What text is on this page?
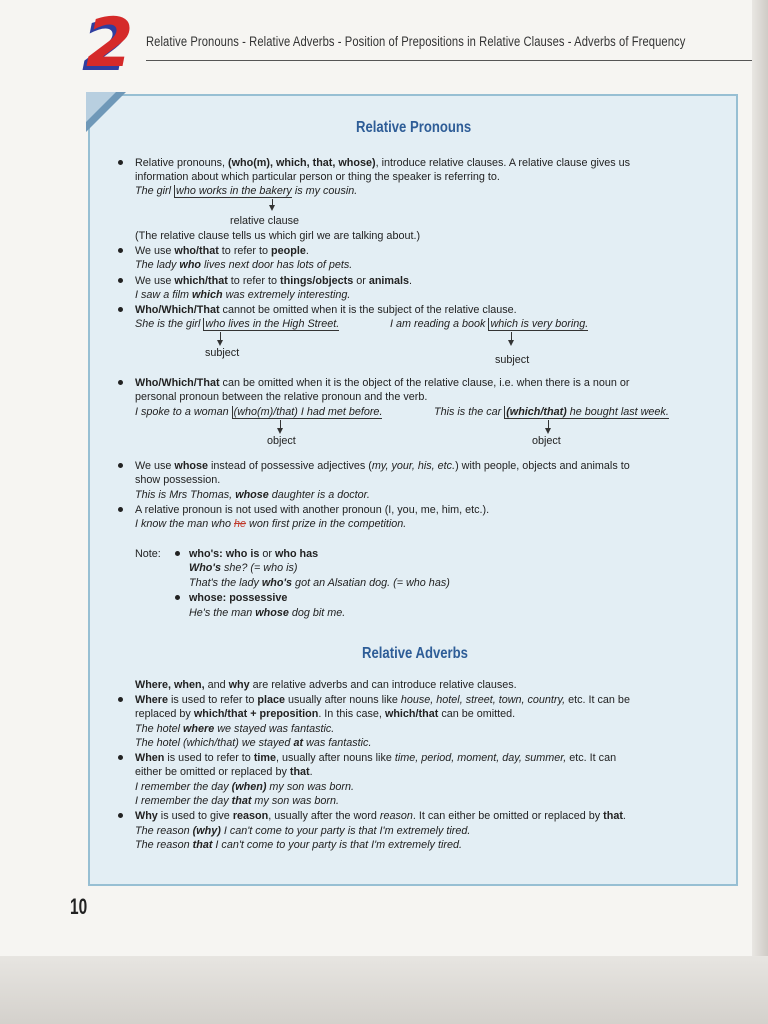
2 Relative Pronouns - Relative Adverbs - Position of Prepositions in Relative Clauses - Adverbs of Frequency
Relative Pronouns
Relative pronouns, (who(m), which, that, whose), introduce relative clauses. A relative clause gives us
information about which particular person or thing the speaker is referring to.
The girl who works in the bakery is my cousin.
relative clause
(The relative clause tells us which girl we are talking about.)
We use who/that to refer to people.
The lady who lives next door has lots of pets.
We use which/that to refer to things/objects or animals.
I saw a film which was extremely interesting.
Who/Which/That cannot be omitted when it is the subject of the relative clause.
She is the girl who lives in the High Street.	I am reading a book which is very boring.
subject
subject
Who/Which/That can be omitted when it is the object of the relative clause, i.e. when there is a noun or
personal pronoun between the relative pronoun and the verb.
I spoke to a woman (who(m)/that) I had met before.	This is the car (which/that) he bought last week.
object	object
We use whose instead of possessive adjectives (my, your, his, etc.) with people, objects and animals to
show possession.
This is Mrs Thomas, whose daughter is a doctor.
A relative pronoun is not used with another pronoun (I, you, me, him, etc.).
I know the man who he won first prize in the competition.
Note:	who's: who is or who has
Who's she? (= who is)
That's the lady who's got an Alsatian dog. (= who has)
whose: possessive
He's the man whose dog bit me.
Relative Adverbs
Where, when, and why are relative adverbs and can introduce relative clauses.
Where is used to refer to place usually after nouns like house, hotel, street, town, country, etc. It can be
replaced by which/that + preposition. In this case, which/that can be omitted.
The hotel where we stayed was fantastic.
The hotel (which/that) we stayed at was fantastic.
When is used to refer to time, usually after nouns like time, period, moment, day, summer, etc. It can
either be omitted or replaced by that.
I remember the day (when) my son was born.
I remember the day that my son was born.
Why is used to give reason, usually after the word reason. It can either be omitted or replaced by that.
The reason (why) I can't come to your party is that I'm extremely tired.
The reason that I can't come to your party is that I'm extremely tired.
10
